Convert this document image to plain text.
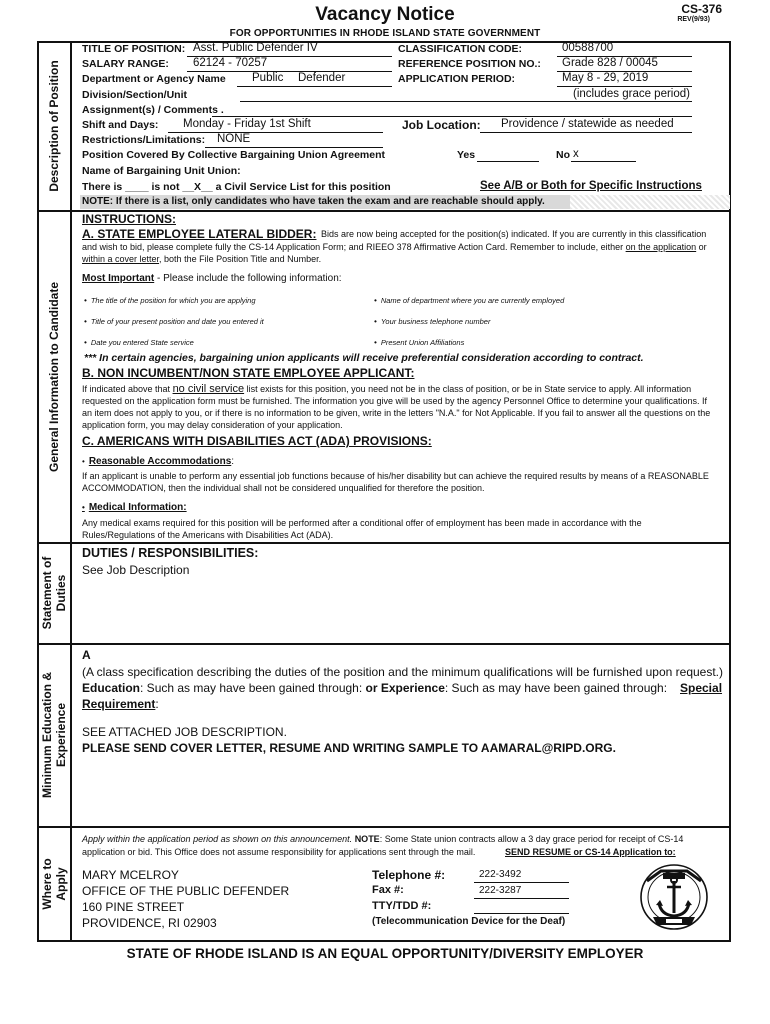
Vacancy Notice	CS-376
REV(9/93)
FOR OPPORTUNITIES IN RHODE ISLAND STATE GOVERNMENT
Description of Position
General Information to Candidate
Statement of
Duties
Minimum Education &
Experience
Where to
Apply
TITLE OF POSITION: Asst. Public Defender IV
SALARY RANGE: 62124 - 70257
Department or Agency Name Public Defender
Division/Section/Unit
Assignment(s) / Comments .
Shift and Days: Monday - Friday 1st Shift
Restrictions/Limitations: NONE
Position Covered By Collective Bargaining Union Agreement	Yes	No x
Name of Bargaining Unit Union:
There is ____ is not __X__ a Civil Service List for this position	See A/B or Both for Specific Instructions
CLASSIFICATION CODE:	00588700
REFERENCE POSITION NO.: Grade 828 / 00045
APPLICATION PERIOD:	May 8 - 29, 2019
(includes grace period)
Job Location: Providence / statewide as needed
NOTE: If there is a list, only candidates who have taken the exam and are reachable should apply.
INSTRUCTIONS:
A. STATE EMPLOYEE LATERAL BIDDER: Bids are now being accepted for the position(s) indicated. If you are currently in this classification
and wish to bid, please complete fully the CS-14 Application Form; and RIEEO 378 Affirmative Action Card. Remember to include, either on the application or
within a cover letter, both the File Position Title and Number.
Most Important - Please include the following information:
• The title of the position for which you are applying	• Name of department where you are currently employed
• Title of your present position and date you entered it	• Your business telephone number
• Date you entered State service	• Present Union Affiliations
*** In certain agencies, bargaining union applicants will receive preferential consideration according to contract.
B. NON INCUMBENT/NON STATE EMPLOYEE APPLICANT:
If indicated above that no civil service list exists for this position, you need not be in the class of position, or be in State service to apply. All information
requested on the application form must be furnished. The information you give will be used by the agency Personnel Office to determine your qualifications. If
an item does not apply to you, or if there is no information to be given, write in the letters "N.A." for Not Applicable. If you fail to answer all the questions on the
application form, you may delay consideration of your application.
C. AMERICANS WITH DISABILITIES ACT (ADA) PROVISIONS:
• Reasonable Accommodations:
If an applicant is unable to perform any essential job functions because of his/her disability but can achieve the required results by means of a REASONABLE
ACCOMMODATION, then the individual shall not be considered unqualified for therefore the position.
• Medical Information:
Any medical exams required for this position will be performed after a conditional offer of employment has been made in accordance with the
Rules/Regulations of the Americans with Disabilities Act (ADA).
DUTIES / RESPONSIBILITIES:
See Job Description
A
(A class specification describing the duties of the position and the minimum qualifications will be furnished upon request.)
Education: Such as may have been gained through: or Experience: Such as may have been gained through: Special
Requirement:
SEE ATTACHED JOB DESCRIPTION.
PLEASE SEND COVER LETTER, RESUME AND WRITING SAMPLE TO AAMARAL@RIPD.ORG.
Apply within the application period as shown on this announcement. NOTE: Some State union contracts allow a 3 day grace period for receipt of CS-14
application or bid. This Office does not assume responsibility for applications sent through the mail.	SEND RESUME or CS-14 Application to:
MARY MCELROY
OFFICE OF THE PUBLIC DEFENDER
160 PINE STREET
PROVIDENCE, RI 02903
Telephone #:	222-3492
Fax #:	222-3287
TTY/TDD #:
(Telecommunication Device for the Deaf)
STATE OF RHODE ISLAND IS AN EQUAL OPPORTUNITY/DIVERSITY EMPLOYER
